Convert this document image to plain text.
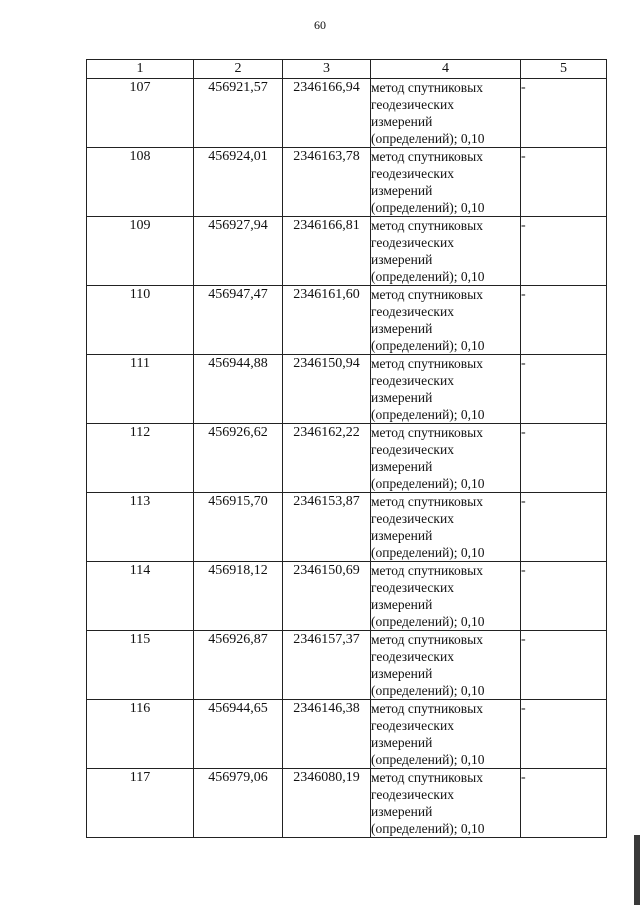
60
1	2	3	4	5
107	456921,57	2346166,94	метод спутниковых
геодезических
измерений
(определений); 0,10	-
108	456924,01	2346163,78	метод спутниковых
геодезических
измерений
(определений); 0,10	-
109	456927,94	2346166,81	метод спутниковых
геодезических
измерений
(определений); 0,10	-
110	456947,47	2346161,60	метод спутниковых
геодезических
измерений
(определений); 0,10	-
111	456944,88	2346150,94	метод спутниковых
геодезических
измерений
(определений); 0,10	-
112	456926,62	2346162,22	метод спутниковых
геодезических
измерений
(определений); 0,10	-
113	456915,70	2346153,87	метод спутниковых
геодезических
измерений
(определений); 0,10	-
114	456918,12	2346150,69	метод спутниковых
геодезических
измерений
(определений); 0,10	-
115	456926,87	2346157,37	метод спутниковых
геодезических
измерений
(определений); 0,10	-
116	456944,65	2346146,38	метод спутниковых
геодезических
измерений
(определений); 0,10	-
117	456979,06	2346080,19	метод спутниковых
геодезических
измерений
(определений); 0,10	-
